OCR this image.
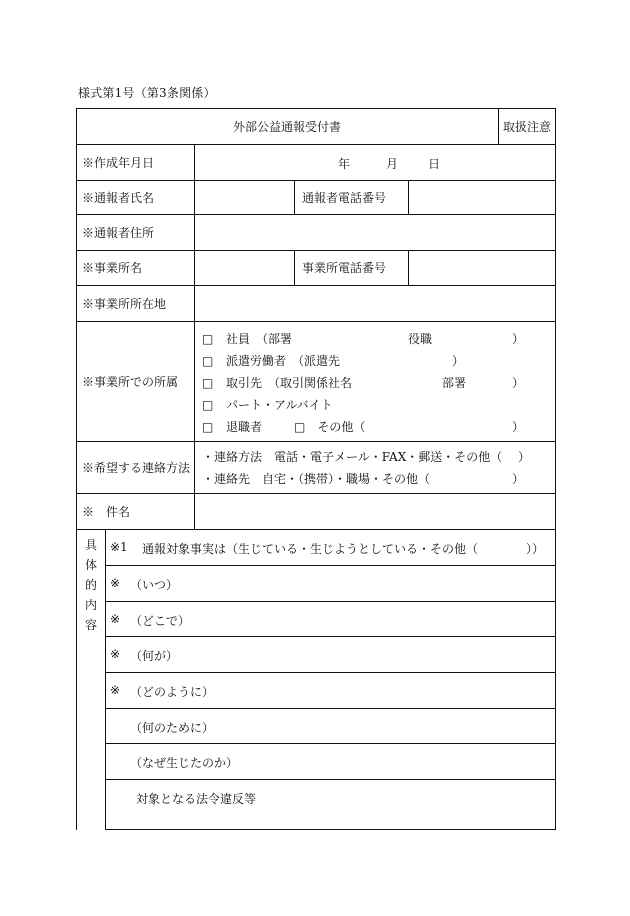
様式第1号（第3条関係）
外部公益通報受付書	取扱注意
※作成年月日	年	月 日
※通報者氏名	通報者電話番号
※通報者住所
※事業所名	事業所電話番号
※事業所所在地
※事業所での所属
□ 社員　（部署	役職	）
□ 派遣労働者　（派遣先	）
□ 取引先　（取引関係社名	部署	）
□ パート・アルバイト
□ 退職者	□　その他（	）
※希望する連絡方法
・連絡方法　電話・電子メール・FAX・郵送・その他（ ）
・連絡先　自宅・（携帯）・職場・その他（	）
※　件名
具
体
的
内
容
※1 通報対象事実は（生じている・生じようとしている・その他（　　　　））
※ （いつ）
※ （どこで）
※ （何が）
※ （どのように）
（何のために）
（なぜ生じたのか）
対象となる法令違反等
